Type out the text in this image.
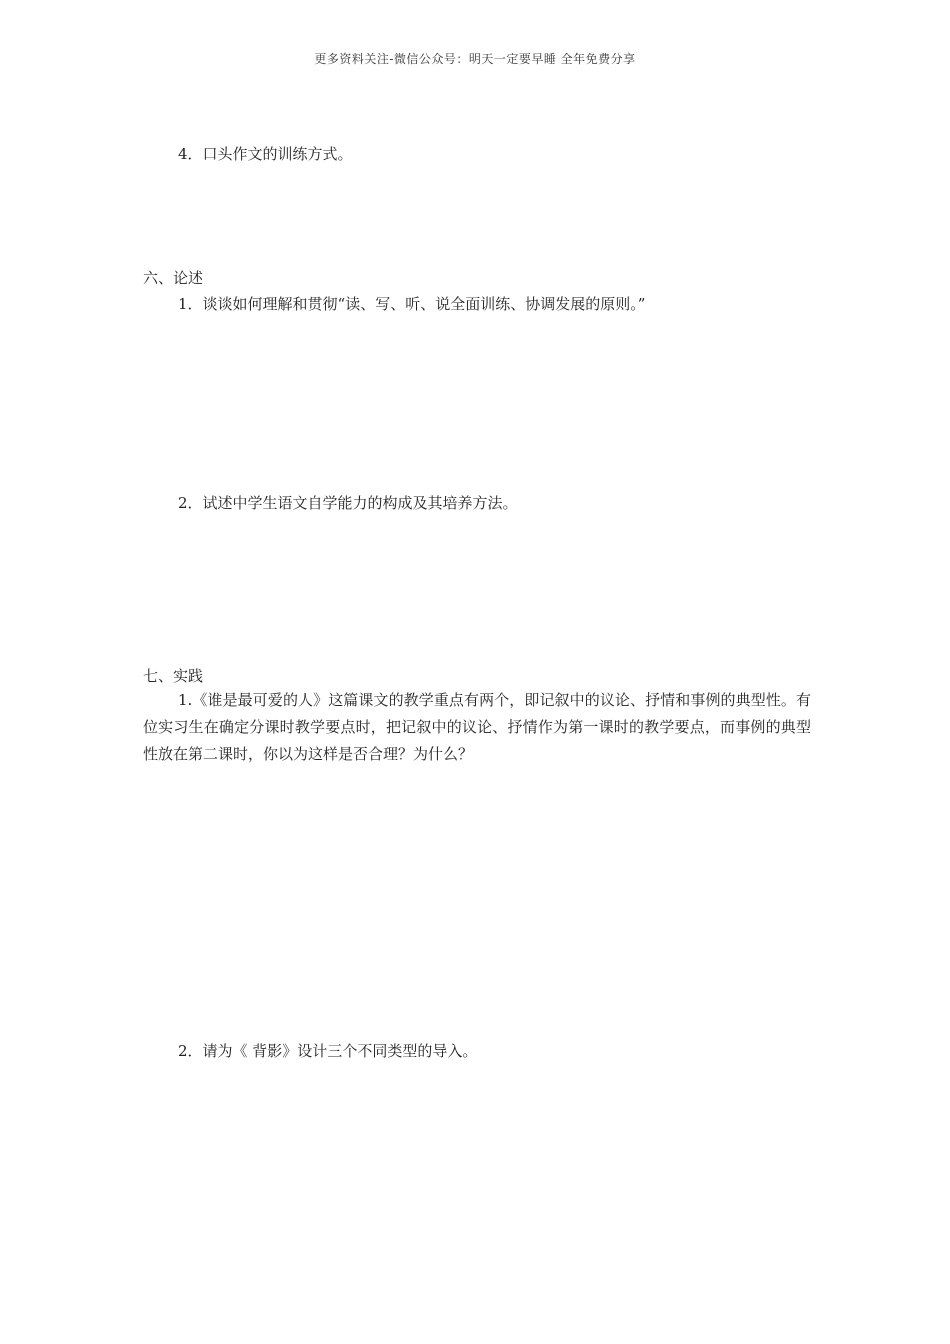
更多资料关注-微信公众号：明天一定要早睡 全年免费分享
4．口头作文的训练方式。
六、论述
1．谈谈如何理解和贯彻“读、写、听、说全面训练、协调发展的原则。”
2．试述中学生语文自学能力的构成及其培养方法。
七、实践
1.《谁是最可爱的人》这篇课文的教学重点有两个，即记叙中的议论、抒情和事例的典型性。有位实习生在确定分课时教学要点时，把记叙中的议论、抒情作为第一课时的教学要点，而事例的典型性放在第二课时，你以为这样是否合理？为什么？
2．请为《 背影》设计三个不同类型的导入。
